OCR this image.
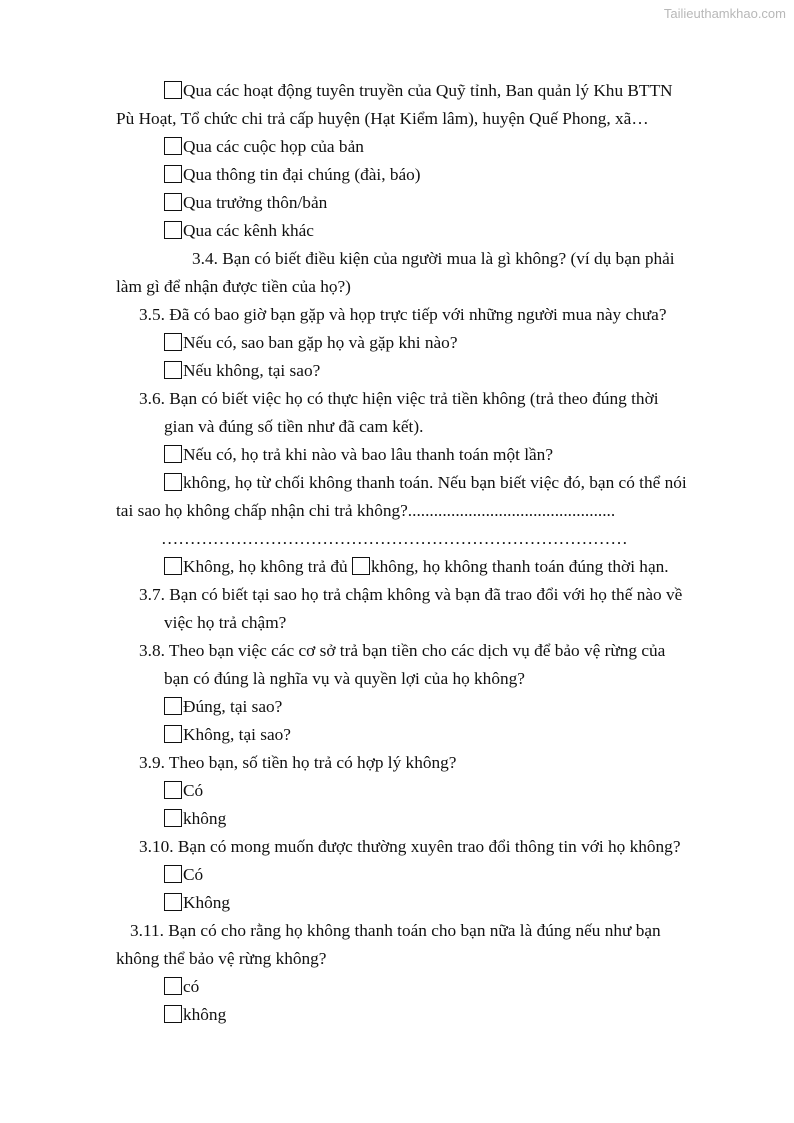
Tailieuthamkhao.com
Qua các hoạt động tuyên truyền của Quỹ tỉnh, Ban quản lý Khu BTTN
Pù Hoạt, Tổ chức chi trả cấp huyện (Hạt Kiểm lâm), huyện Quế Phong, xã…
Qua các cuộc họp của bản
Qua thông tin đại chúng (đài, báo)
Qua trưởng thôn/bản
Qua các kênh khác
3.4. Bạn có biết điều kiện của người mua là gì không? (ví dụ bạn phải
làm gì để nhận được tiền của họ?)
3.5. Đã có bao giờ bạn gặp và họp trực tiếp với những người mua này chưa?
Nếu có, sao ban gặp họ và gặp khi nào?
Nếu không, tại sao?
3.6. Bạn có biết việc họ có thực hiện việc trả tiền không (trả theo đúng thời
gian và đúng số tiền như đã cam kết).
Nếu có, họ trả khi nào và bao lâu thanh toán một lần?
không, họ từ chối không thanh toán. Nếu bạn biết việc đó, bạn có thể nói
tai sao họ không chấp nhận chi trả không?................................................
………………………………………………………………………
Không, họ không trả đủ không, họ không thanh toán đúng thời hạn.
3.7. Bạn có biết tại sao họ trả chậm không và bạn đã trao đổi với họ thế nào về
việc họ trả chậm?
3.8. Theo bạn việc các cơ sở trả bạn tiền cho các dịch vụ để bảo vệ rừng của
bạn có đúng là nghĩa vụ và quyền lợi của họ không?
Đúng, tại sao?
Không, tại sao?
3.9. Theo bạn, số tiền họ trả có hợp lý không?
Có
không
3.10. Bạn có mong muốn được thường xuyên trao đổi thông tin với họ không?
Có
Không
3.11. Bạn có cho rằng họ không thanh toán cho bạn nữa là đúng nếu như bạn
không thể bảo vệ rừng không?
có
không
